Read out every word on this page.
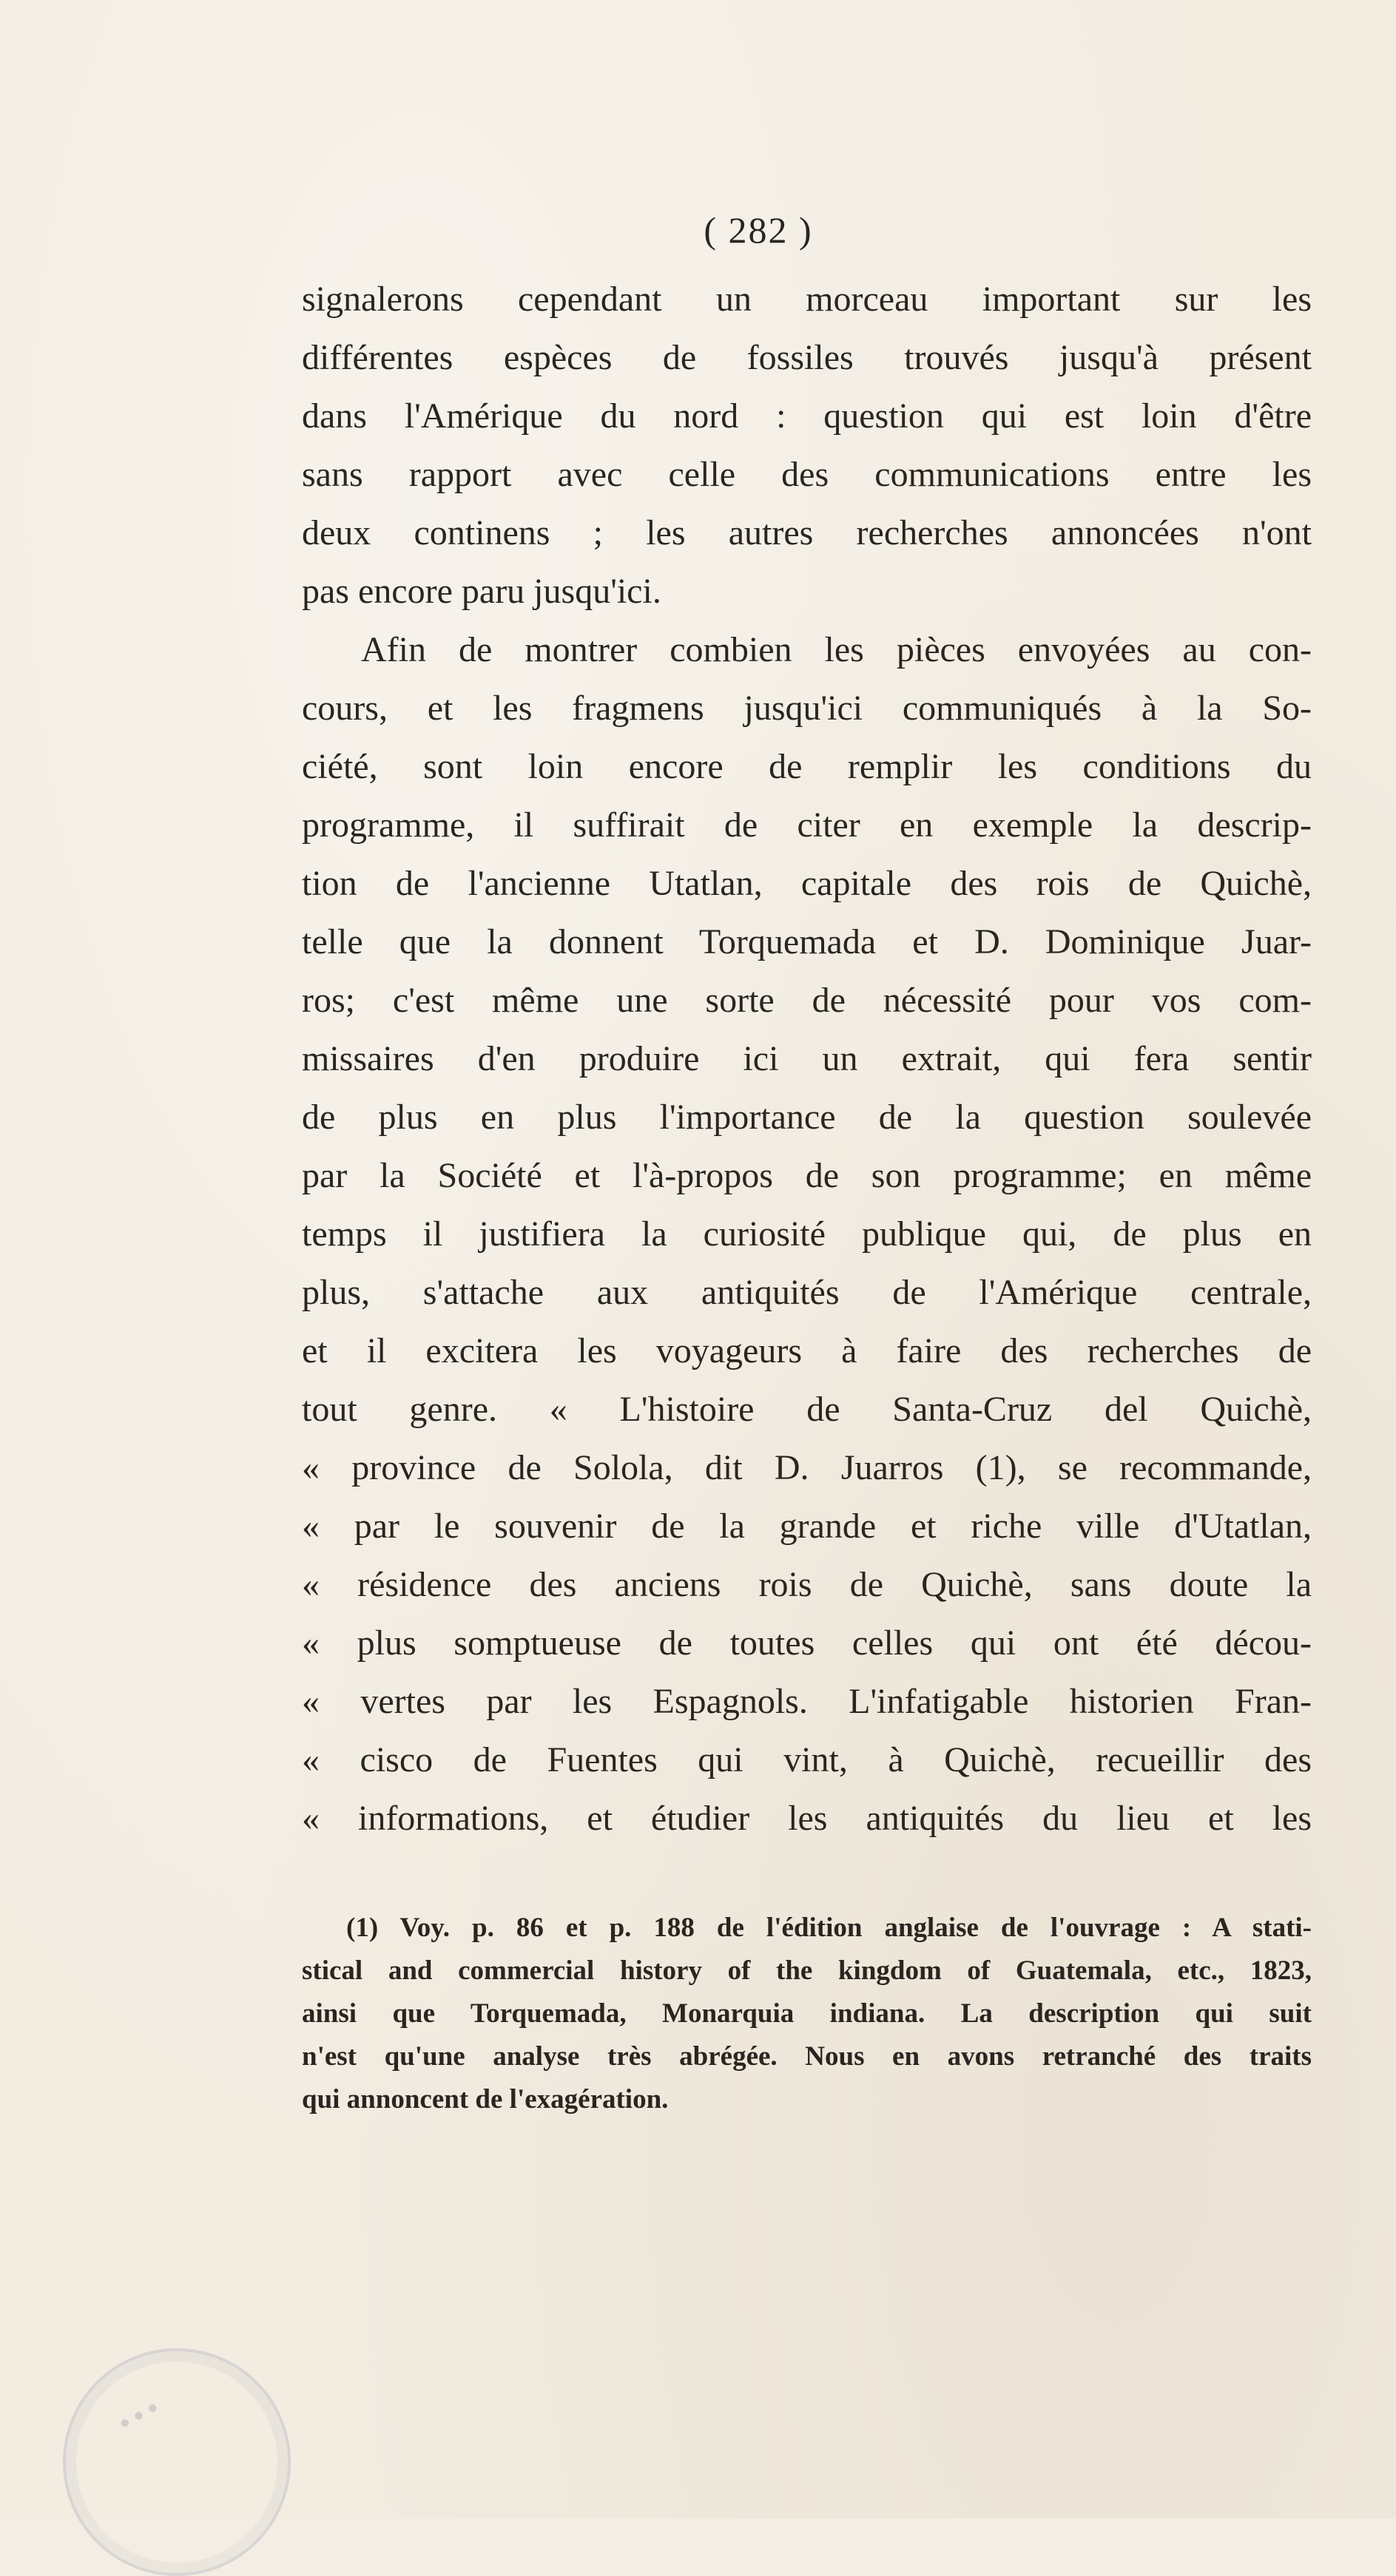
( 282 )
signalerons cependant un morceau important sur les
différentes espèces de fossiles trouvés jusqu'à présent
dans l'Amérique du nord : question qui est loin d'être
sans rapport avec celle des communications entre les
deux continens ; les autres recherches annoncées n'ont
pas encore paru jusqu'ici.
Afin de montrer combien les pièces envoyées au con-
cours, et les fragmens jusqu'ici communiqués à la So-
ciété, sont loin encore de remplir les conditions du
programme, il suffirait de citer en exemple la descrip-
tion de l'ancienne Utatlan, capitale des rois de Quichè,
telle que la donnent Torquemada et D. Dominique Juar-
ros; c'est même une sorte de nécessité pour vos com-
missaires d'en produire ici un extrait, qui fera sentir
de plus en plus l'importance de la question soulevée
par la Société et l'à-propos de son programme; en même
temps il justifiera la curiosité publique qui, de plus en
plus, s'attache aux antiquités de l'Amérique centrale,
et il excitera les voyageurs à faire des recherches de
tout genre. « L'histoire de Santa-Cruz del Quichè,
« province de Solola, dit D. Juarros (1), se recommande,
« par le souvenir de la grande et riche ville d'Utatlan,
« résidence des anciens rois de Quichè, sans doute la
« plus somptueuse de toutes celles qui ont été décou-
« vertes par les Espagnols. L'infatigable historien Fran-
« cisco de Fuentes qui vint, à Quichè, recueillir des
« informations, et étudier les antiquités du lieu et les
(1) Voy. p. 86 et p. 188 de l'édition anglaise de l'ouvrage : A stati-
stical and commercial history of the kingdom of Guatemala, etc., 1823,
ainsi que Torquemada, Monarquia indiana. La description qui suit
n'est qu'une analyse très abrégée. Nous en avons retranché des traits
qui annoncent de l'exagération.
● ● ●
